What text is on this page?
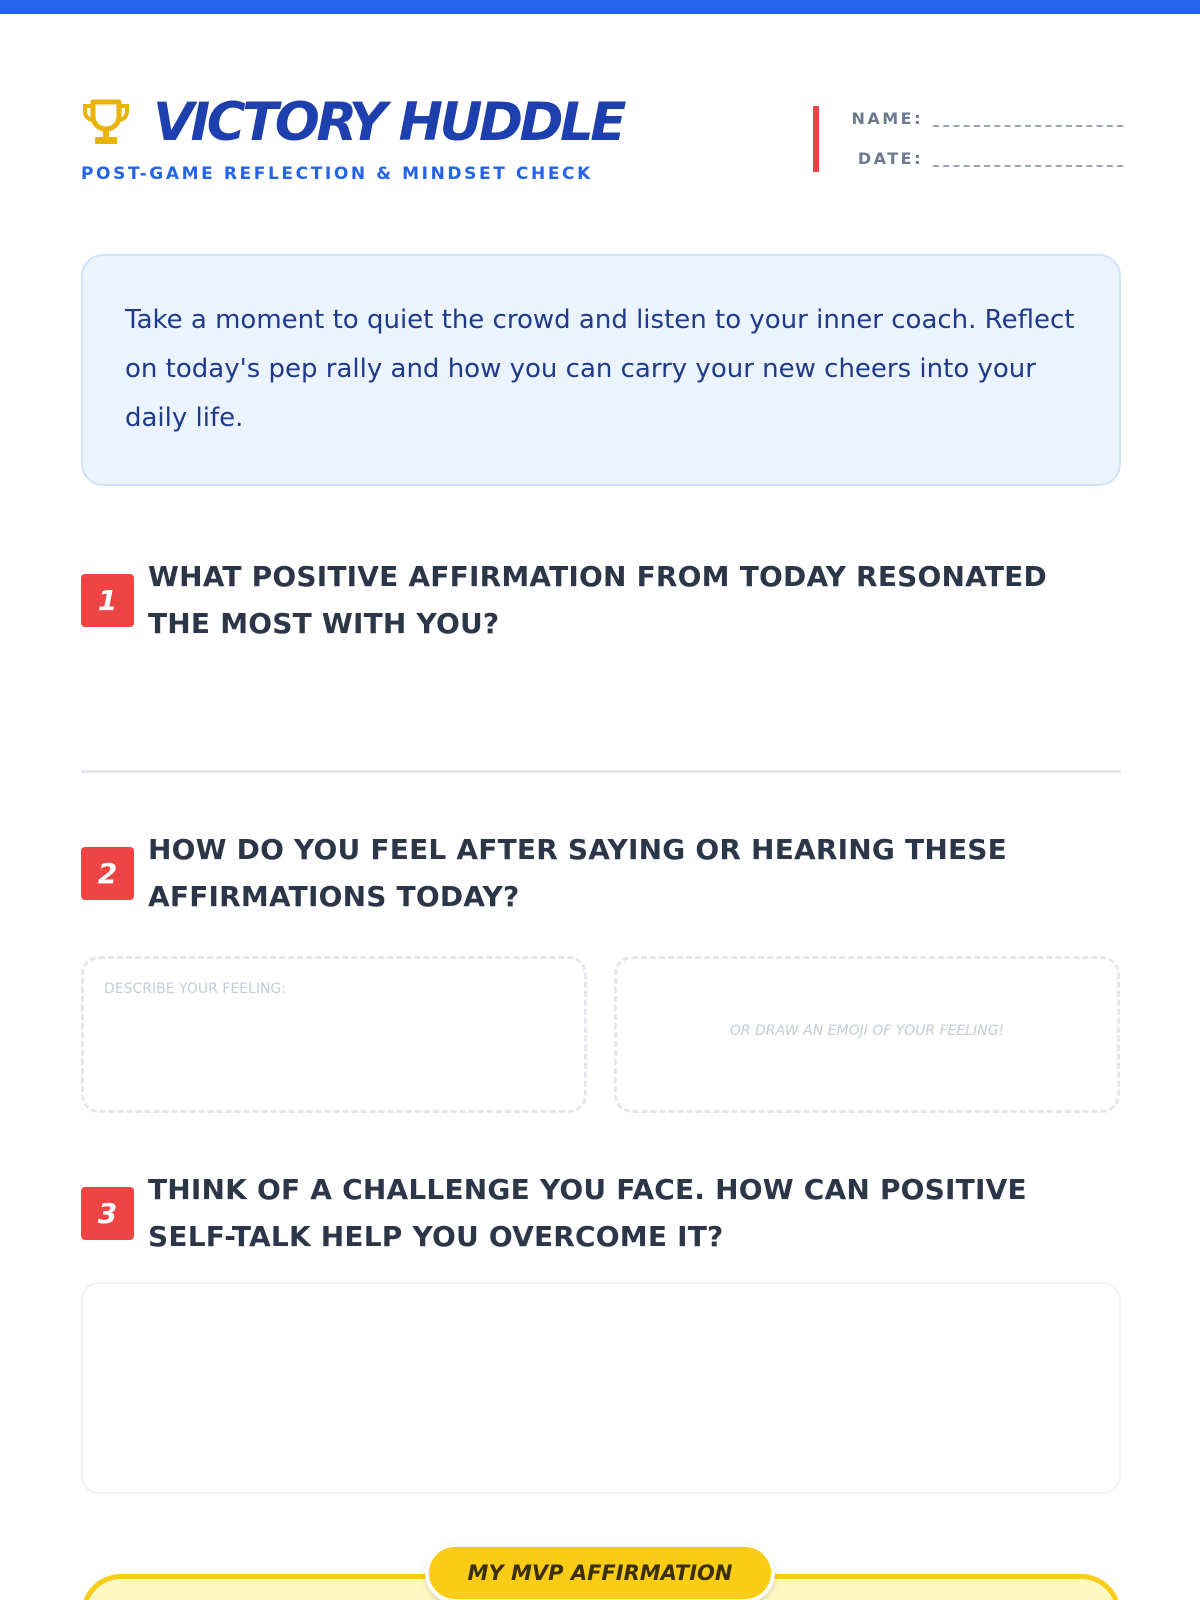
VICTORY HUDDLE
POST-GAME REFLECTION & MINDSET CHECK
NAME:
DATE:

Take a moment to quiet the crowd and listen to your inner coach. Reflect on today's pep rally and how you can carry your new cheers into your daily life.

1
WHAT POSITIVE AFFIRMATION FROM TODAY RESONATED THE MOST WITH YOU?
2
HOW DO YOU FEEL AFTER SAYING OR HEARING THESE AFFIRMATIONS TODAY?
DESCRIBE YOUR FEELING:
OR DRAW AN EMOJI OF YOUR FEELING!
3
THINK OF A CHALLENGE YOU FACE. HOW CAN POSITIVE SELF-TALK HELP YOU OVERCOME IT?
MY MVP AFFIRMATION
